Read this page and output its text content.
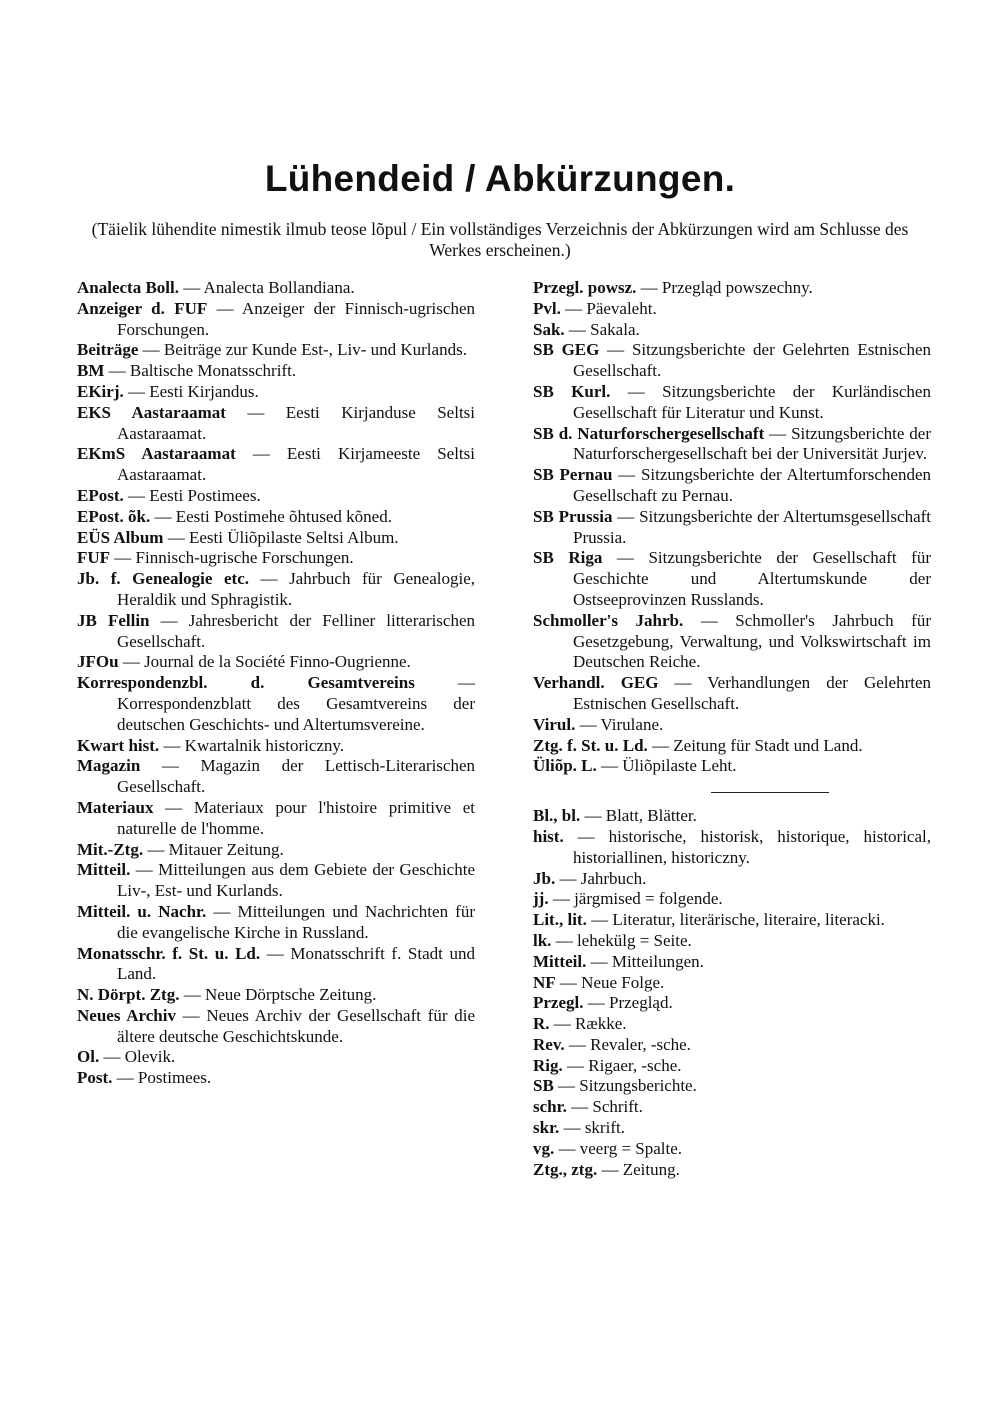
Lühendeid / Abkürzungen.

(Täielik lühendite nimestik ilmub teose lõpul / Ein vollständiges Verzeichnis der Abkürzungen wird am Schlusse des Werkes erscheinen.)

Analecta Boll. — Analecta Bollandiana.
Anzeiger d. FUF — Anzeiger der Finnisch-ugrischen Forschungen.
Beiträge — Beiträge zur Kunde Est-, Liv- und Kurlands.
BM — Baltische Monatsschrift.
EKirj. — Eesti Kirjandus.
EKS Aastaraamat — Eesti Kirjanduse Seltsi Aastaraamat.
EKmS Aastaraamat — Eesti Kirjameeste Seltsi Aastaraamat.
EPost. — Eesti Postimees.
EPost. õk. — Eesti Postimehe õhtused kõned.
EÜS Album — Eesti Üliõpilaste Seltsi Album.
FUF — Finnisch-ugrische Forschungen.
Jb. f. Genealogie etc. — Jahrbuch für Genealogie, Heraldik und Sphragistik.
JB Fellin — Jahresbericht der Felliner litterarischen Gesellschaft.
JFOu — Journal de la Société Finno-Ougrienne.
Korrespondenzbl. d. Gesamtvereins — Korrespondenzblatt des Gesamtvereins der deutschen Geschichts- und Altertumsvereine.
Kwart hist. — Kwartalnik historiczny.
Magazin — Magazin der Lettisch-Literarischen Gesellschaft.
Materiaux — Materiaux pour l'histoire primitive et naturelle de l'homme.
Mit.-Ztg. — Mitauer Zeitung.
Mitteil. — Mitteilungen aus dem Gebiete der Geschichte Liv-, Est- und Kurlands.
Mitteil. u. Nachr. — Mitteilungen und Nachrichten für die evangelische Kirche in Russland.
Monatsschr. f. St. u. Ld. — Monatsschrift f. Stadt und Land.
N. Dörpt. Ztg. — Neue Dörptsche Zeitung.
Neues Archiv — Neues Archiv der Gesellschaft für die ältere deutsche Geschichtskunde.
Ol. — Olevik.
Post. — Postimees.
Przegl. powsz. — Przegląd powszechny.
Pvl. — Päevaleht.
Sak. — Sakala.
SB GEG — Sitzungsberichte der Gelehrten Estnischen Gesellschaft.
SB Kurl. — Sitzungsberichte der Kurländischen Gesellschaft für Literatur und Kunst.
SB d. Naturforschergesellschaft — Sitzungsberichte der Naturforschergesellschaft bei der Universität Jurjev.
SB Pernau — Sitzungsberichte der Altertumforschenden Gesellschaft zu Pernau.
SB Prussia — Sitzungsberichte der Altertumsgesellschaft Prussia.
SB Riga — Sitzungsberichte der Gesellschaft für Geschichte und Altertumskunde der Ostseeprovinzen Russlands.
Schmoller's Jahrb. — Schmoller's Jahrbuch für Gesetzgebung, Verwaltung, und Volkswirtschaft im Deutschen Reiche.
Verhandl. GEG — Verhandlungen der Gelehrten Estnischen Gesellschaft.
Virul. — Virulane.
Ztg. f. St. u. Ld. — Zeitung für Stadt und Land.
Üliõp. L. — Üliõpilaste Leht.
Bl., bl. — Blatt, Blätter.
hist. — historische, historisk, historique, historical, historiallinen, historiczny.
Jb. — Jahrbuch.
jj. — järgmised = folgende.
Lit., lit. — Literatur, literärische, literaire, literacki.
lk. — lehekülg = Seite.
Mitteil. — Mitteilungen.
NF — Neue Folge.
Przegl. — Przegląd.
R. — Række.
Rev. — Revaler, -sche.
Rig. — Rigaer, -sche.
SB — Sitzungsberichte.
schr. — Schrift.
skr. — skrift.
vg. — veerg = Spalte.
Ztg., ztg. — Zeitung.
